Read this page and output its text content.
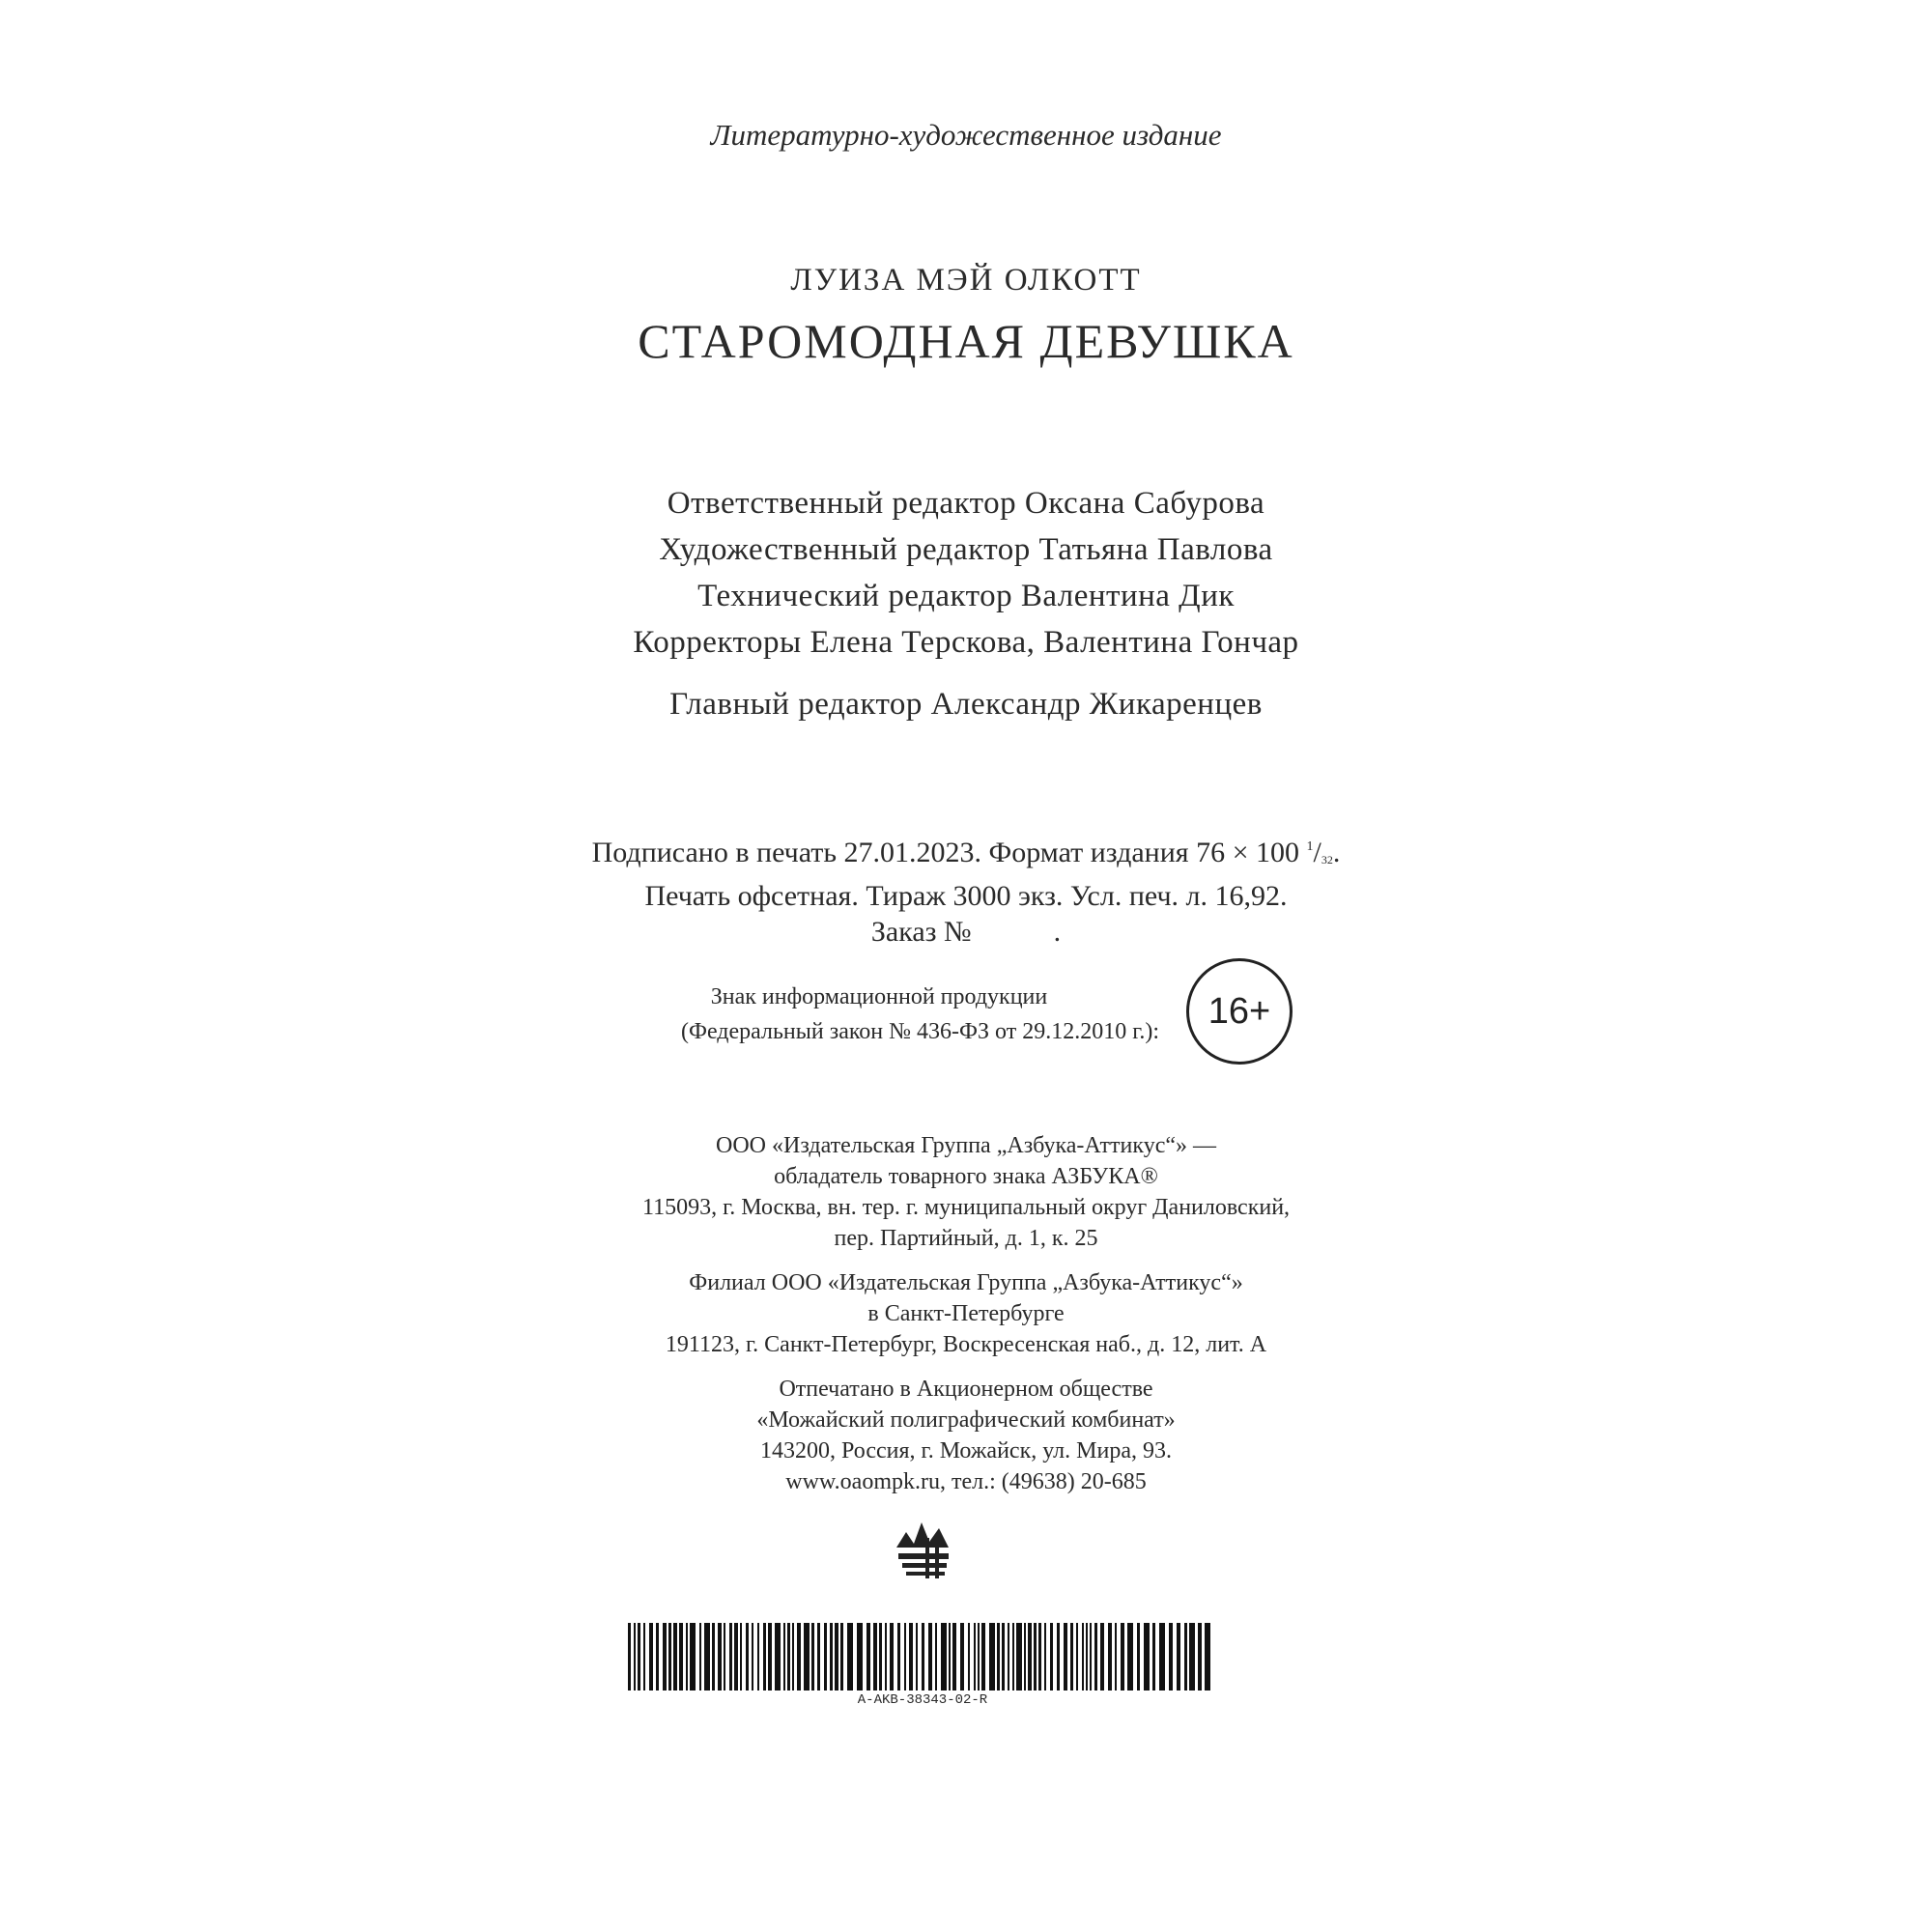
Литературно-художественное издание
ЛУИЗА МЭЙ ОЛКОТТ
СТАРОМОДНАЯ ДЕВУШКА
Ответственный редактор Оксана Сабурова
Художественный редактор Татьяна Павлова
Технический редактор Валентина Дик
Корректоры Елена Терскова, Валентина Гончар
Главный редактор Александр Жикаренцев
Подписано в печать 27.01.2023. Формат издания 76 × 100 $^1/_{32}$.
Печать офсетная. Тираж 3000 экз. Усл. печ. л. 16,92.
Заказ №	.
Знак информационной продукции
(Федеральный закон № 436-ФЗ от 29.12.2010 г.):
16+
ООО «Издательская Группа „Азбука-Аттикус“» —
обладатель товарного знака АЗБУКА®
115093, г. Москва, вн. тер. г. муниципальный округ Даниловский,
пер. Партийный, д. 1, к. 25
Филиал ООО «Издательская Группа „Азбука-Аттикус“»
в Санкт-Петербурге
191123, г. Санкт-Петербург, Воскресенская наб., д. 12, лит. А
Отпечатано в Акционерном обществе
«Можайский полиграфический комбинат»
143200, Россия, г. Можайск, ул. Мира, 93.
www.oaompk.ru, тел.: (49638) 20-685
A-AKB-38343-02-R
